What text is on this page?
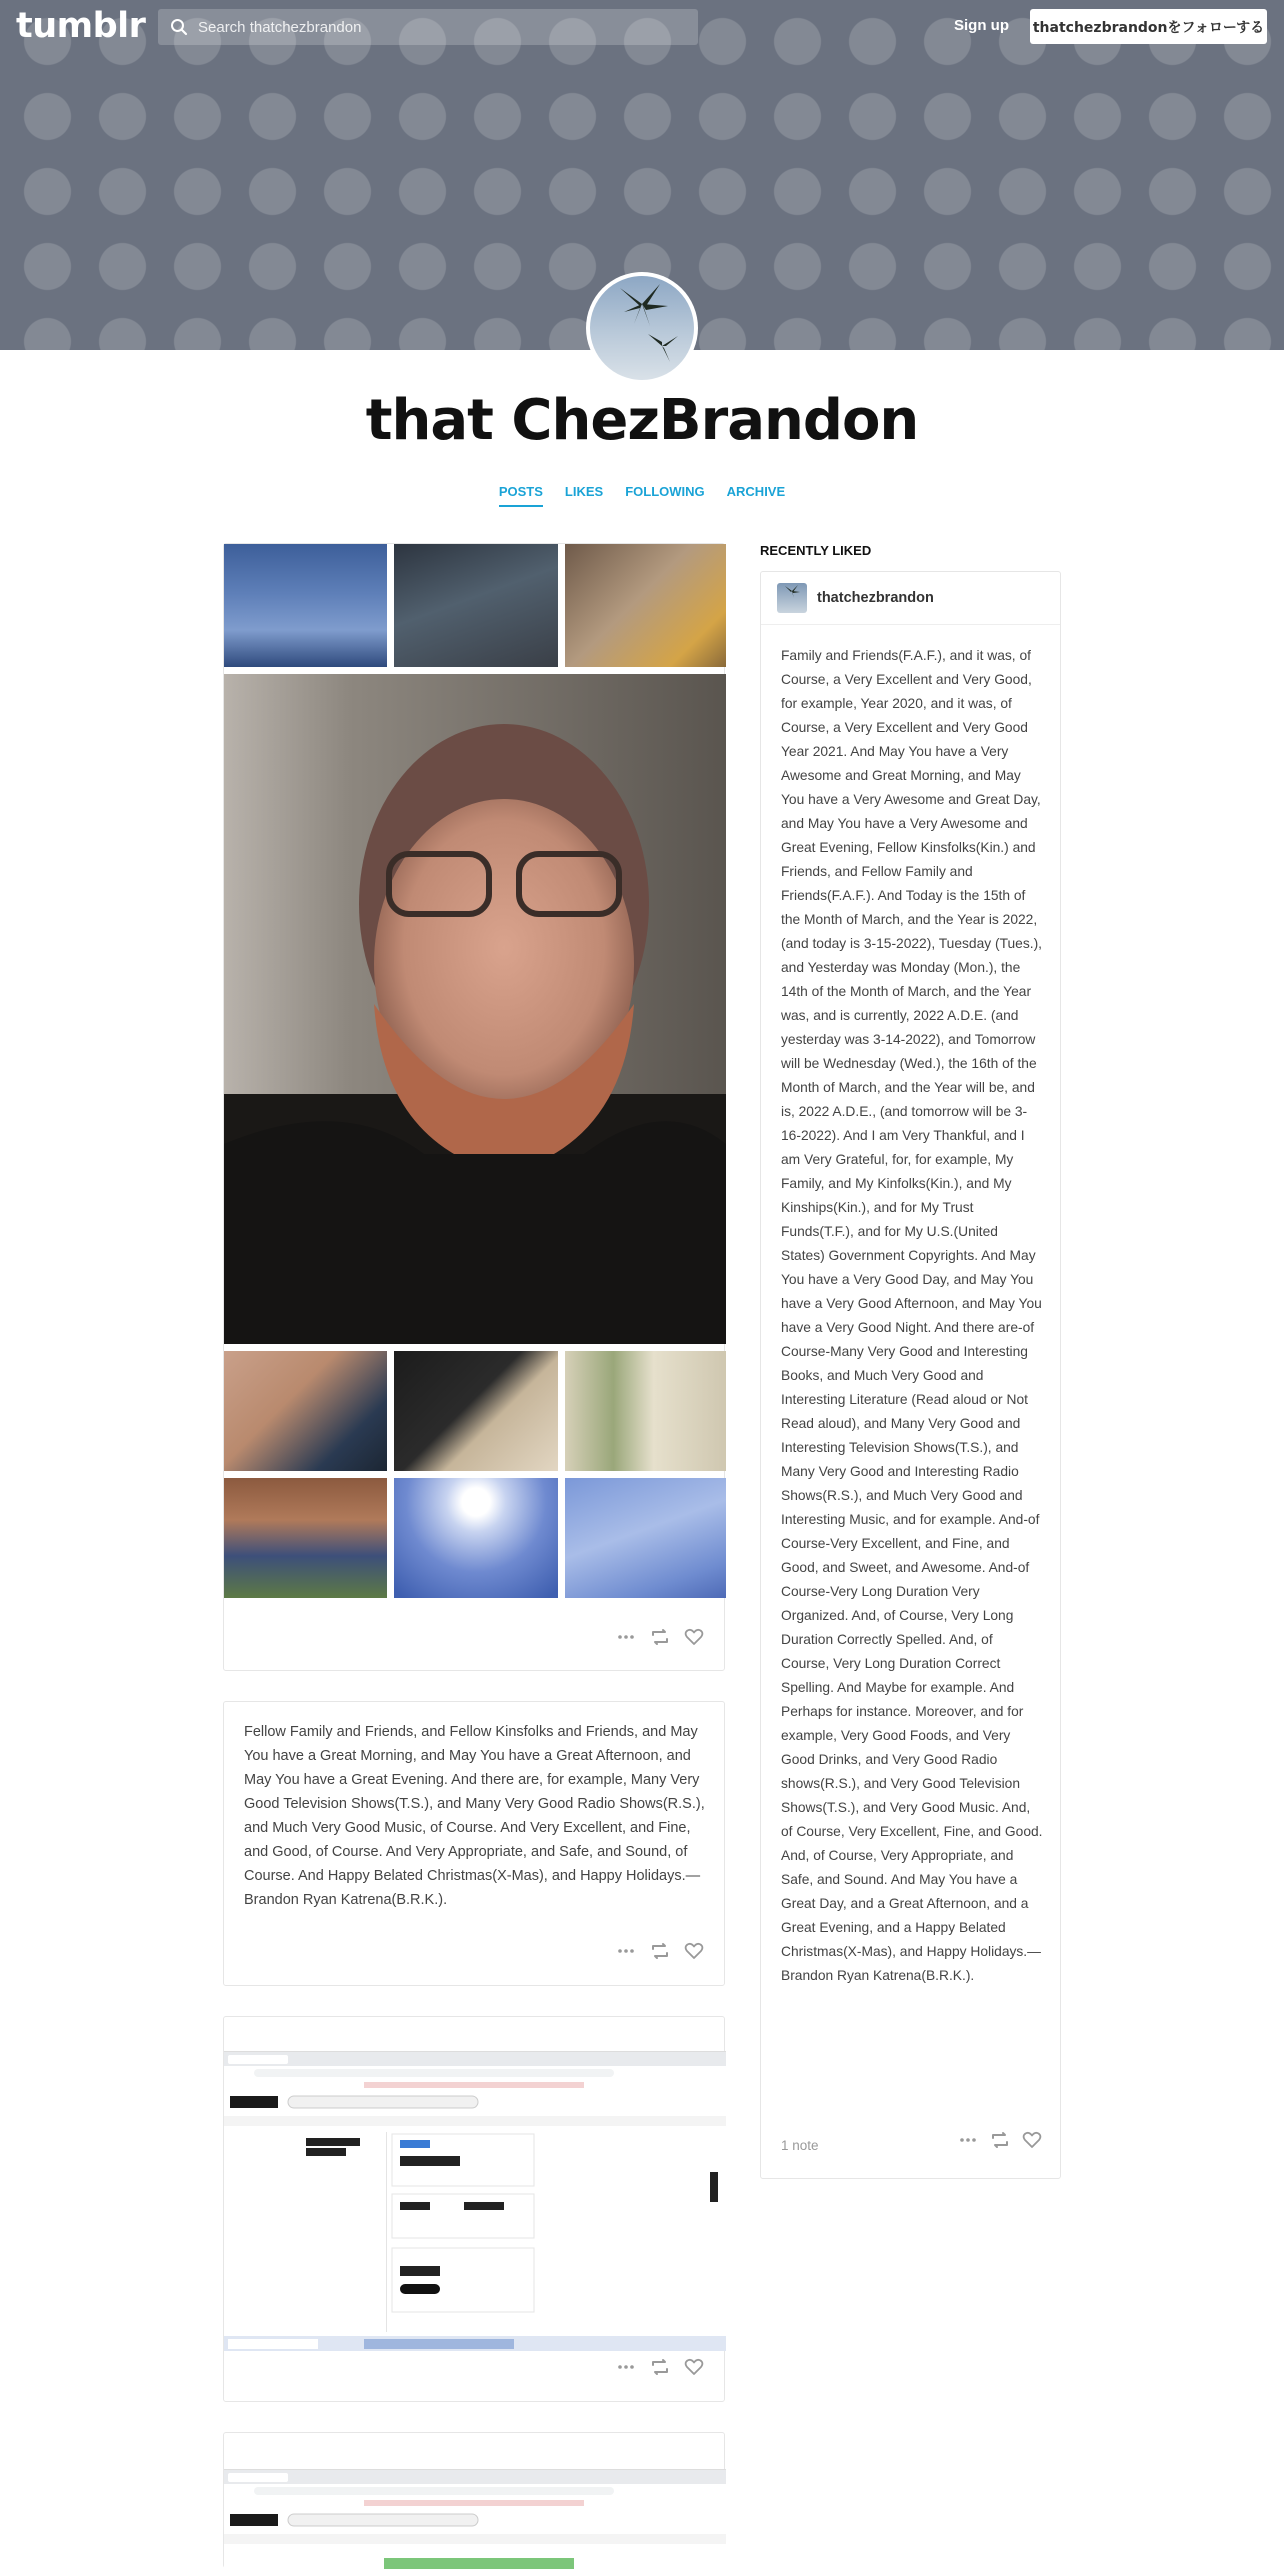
tumblr
Search thatchezbrandon	Sign up thatchezbrandonをフォローする
that ChezBrandon
POSTS LIKES FOLLOWING ARCHIVE
Fellow Family and Friends, and Fellow Kinsfolks and Friends, and May You have a Great Morning, and May You have a Great Afternoon, and May You have a Great Evening. And there are, for example, Many Very Good Television Shows(T.S.), and Many Very Good Radio Shows(R.S.), and Much Very Good Music, of Course. And Very Excellent, and Fine, and Good, of Course. And Very Appropriate, and Safe, and Sound, of Course. And Happy Belated Christmas(X-Mas), and Happy Holidays.—Brandon Ryan Katrena(B.R.K.).
RECENTLY LIKED
thatchezbrandon
Family and Friends(F.A.F.), and it was, of Course, a Very Excellent and Very Good, for example, Year 2020, and it was, of Course, a Very Excellent and Very Good Year 2021. And May You have a Very Awesome and Great Morning, and May You have a Very Awesome and Great Day, and May You have a Very Awesome and Great Evening, Fellow Kinsfolks(Kin.) and Friends, and Fellow Family and Friends(F.A.F.). And Today is the 15th of the Month of March, and the Year is 2022, (and today is 3-15-2022), Tuesday (Tues.), and Yesterday was Monday (Mon.), the 14th of the Month of March, and the Year was, and is currently, 2022 A.D.E. (and yesterday was 3-14-2022), and Tomorrow will be Wednesday (Wed.), the 16th of the Month of March, and the Year will be, and is, 2022 A.D.E., (and tomorrow will be 3-16-2022). And I am Very Thankful, and I am Very Grateful, for, for example, My Family, and My Kinfolks(Kin.), and My Kinships(Kin.), and for My Trust Funds(T.F.), and for My U.S.(United States) Government Copyrights. And May You have a Very Good Day, and May You have a Very Good Afternoon, and May You have a Very Good Night. And there are-of Course-Many Very Good and Interesting Books, and Much Very Good and Interesting Literature (Read aloud or Not Read aloud), and Many Very Good and Interesting Television Shows(T.S.), and Many Very Good and Interesting Radio Shows(R.S.), and Much Very Good and Interesting Music, and for example. And-of Course-Very Excellent, and Fine, and Good, and Sweet, and Awesome. And-of Course-Very Long Duration Very Organized. And, of Course, Very Long Duration Correctly Spelled. And, of Course, Very Long Duration Correct Spelling. And Maybe for example. And Perhaps for instance. Moreover, and for example, Very Good Foods, and Very Good Drinks, and Very Good Radio shows(R.S.), and Very Good Television Shows(T.S.), and Very Good Music. And, of Course, Very Excellent, Fine, and Good. And, of Course, Very Appropriate, and Safe, and Sound. And May You have a Great Day, and a Great Afternoon, and a Great Evening, and a Happy Belated Christmas(X-Mas), and Happy Holidays.—Brandon Ryan Katrena(B.R.K.).
1 note
